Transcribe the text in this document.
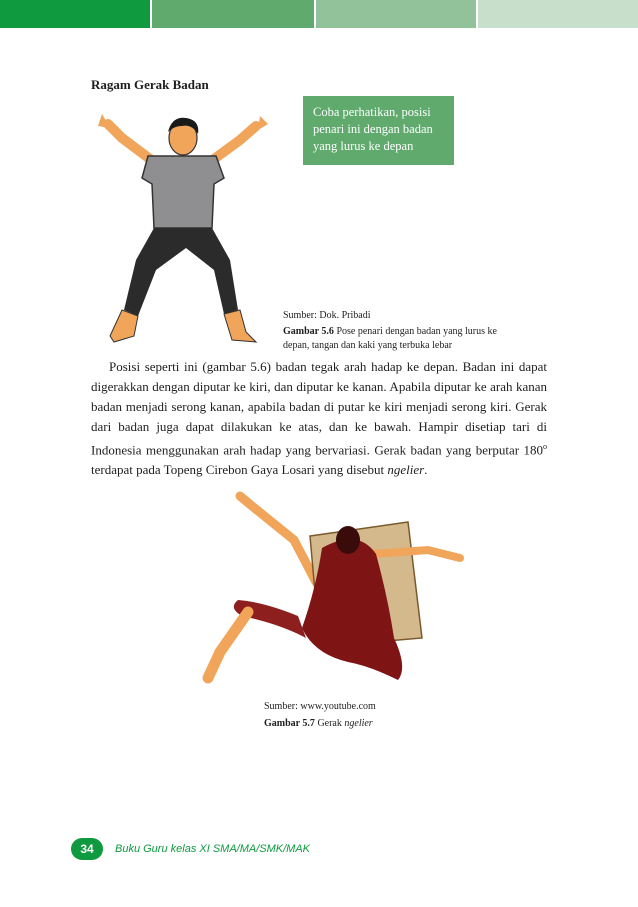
Ragam Gerak Badan
Coba perhatikan, posisi
penari ini dengan badan
yang lurus ke depan
Sumber: Dok. Pribadi
Gambar 5.6 Pose penari dengan badan yang lurus ke
depan, tangan dan kaki yang terbuka lebar

Posisi seperti ini (gambar 5.6) badan tegak arah hadap ke depan. Badan ini dapat digerakkan dengan diputar ke kiri, dan diputar ke kanan. Apabila diputar ke arah kanan badan menjadi serong kanan, apabila badan di putar ke kiri menjadi serong kiri. Gerak dari badan juga dapat dilakukan ke atas, dan ke bawah. Hampir disetiap tari di Indonesia menggunakan arah hadap yang bervariasi. Gerak badan yang berputar 180$^o$ terdapat pada Topeng Cirebon Gaya Losari yang disebut ngelier.

Sumber: www.youtube.com
Gambar 5.7 Gerak ngelier
34	Buku Guru kelas XI SMA/MA/SMK/MAK
